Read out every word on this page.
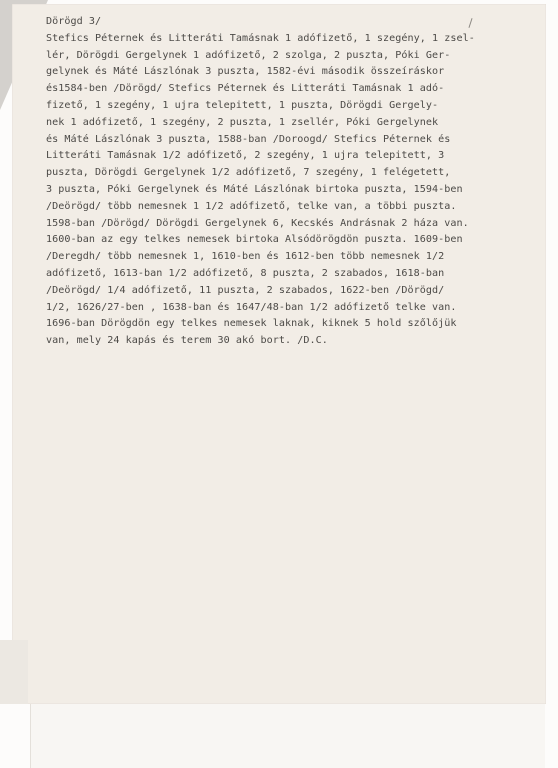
Dörögd 3/
Stefics Péternek és Litteráti Tamásnak 1 adófizető, 1 szegény, 1 zsel-
lér, Dörögdi Gergelynek 1 adófizető, 2 szolga, 2 puszta, Póki Ger-
gelynek és Máté Lászlónak 3 puszta, 1582-évi második összeíráskor
és1584-ben /Dörögd/ Stefics Péternek és Litteráti Tamásnak 1 adó-
fizető, 1 szegény, 1 ujra telepitett, 1 puszta, Dörögdi Gergely-
nek 1 adófizető, 1 szegény, 2 puszta, 1 zsellér, Póki Gergelynek
és Máté Lászlónak 3 puszta, 1588-ban /Doroogd/ Stefics Péternek és
Litteráti Tamásnak 1/2 adófizető, 2 szegény, 1 ujra telepitett, 3
puszta, Dörögdi Gergelynek 1/2 adófizető, 7 szegény, 1 felégetett,
3 puszta, Póki Gergelynek és Máté Lászlónak birtoka puszta, 1594-ben
/Deörögd/ több nemesnek 1 1/2 adófizető, telke van, a többi puszta.
1598-ban /Dörögd/ Dörögdi Gergelynek 6, Kecskés Andrásnak 2 háza van.
1600-ban az egy telkes nemesek birtoka Alsódörögdön puszta. 1609-ben
/Deregdh/ több nemesnek 1, 1610-ben és 1612-ben több nemesnek 1/2
adófizető, 1613-ban 1/2 adófizető, 8 puszta, 2 szabados, 1618-ban
/Deörögd/ 1/4 adófizető, 11 puszta, 2 szabados, 1622-ben /Dörögd/
1/2, 1626/27-ben , 1638-ban és 1647/48-ban 1/2 adófizető telke van.
1696-ban Dörögdön egy telkes nemesek laknak, kiknek 5 hold szőlőjük
van, mely 24 kapás és terem 30 akó bort. /D.C.
